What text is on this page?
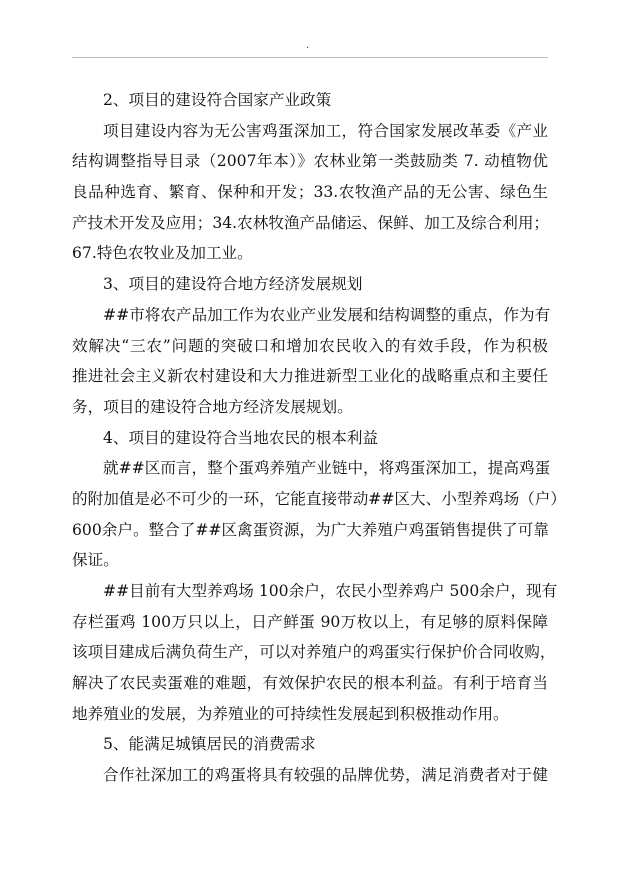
.
2、项目的建设符合国家产业政策
项目建设内容为无公害鸡蛋深加工，符合国家发展改革委《产业
结构调整指导目录（2007年本）》农林业第一类鼓励类 7. 动植物优
良品种选育、繁育、保种和开发；33.农牧渔产品的无公害、绿色生
产技术开发及应用；34.农林牧渔产品储运、保鲜、加工及综合利用；
67.特色农牧业及加工业。
3、项目的建设符合地方经济发展规划
##市将农产品加工作为农业产业发展和结构调整的重点，作为有
效解决“三农”问题的突破口和增加农民收入的有效手段，作为积极
推进社会主义新农村建设和大力推进新型工业化的战略重点和主要任
务，项目的建设符合地方经济发展规划。
4、项目的建设符合当地农民的根本利益
就##区而言，整个蛋鸡养殖产业链中，将鸡蛋深加工，提高鸡蛋
的附加值是必不可少的一环，它能直接带动##区大、小型养鸡场（户）
600余户。整合了##区禽蛋资源，为广大养殖户鸡蛋销售提供了可靠
保证。
##目前有大型养鸡场 100余户，农民小型养鸡户 500余户，现有
存栏蛋鸡 100万只以上，日产鲜蛋 90万枚以上，有足够的原料保障
该项目建成后满负荷生产，可以对养殖户的鸡蛋实行保护价合同收购，
解决了农民卖蛋难的难题，有效保护农民的根本利益。有利于培育当
地养殖业的发展，为养殖业的可持续性发展起到积极推动作用。
5、能满足城镇居民的消费需求
合作社深加工的鸡蛋将具有较强的品牌优势，满足消费者对于健
